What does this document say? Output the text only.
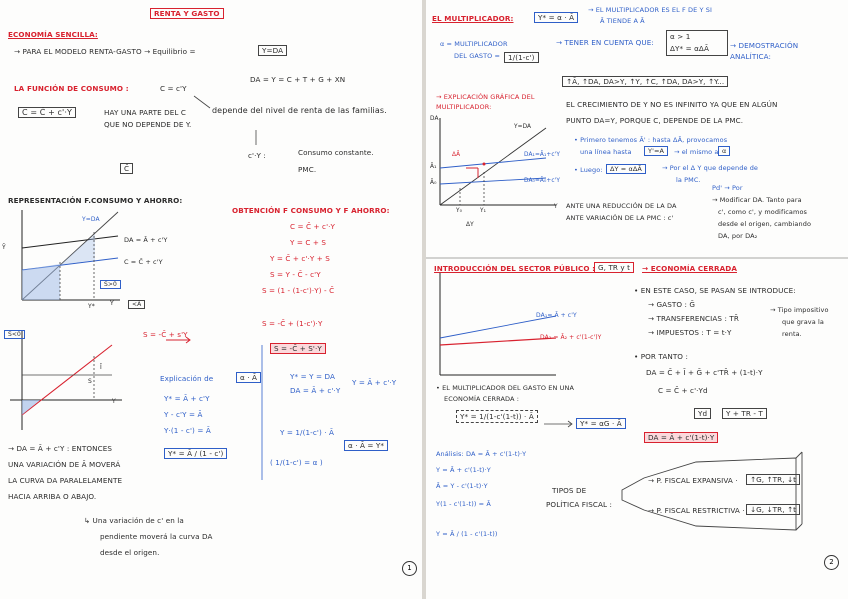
RENTA Y GASTO
ECONOMÍA SENCILLA:
→ PARA EL MODELO RENTA-GASTO → Equilibrio =	Y=DA
DA = Y = C + T + G + XN
LA FUNCIÓN DE CONSUMO :	C = c'Y
C = C̄ + c'·Y	HAY UNA PARTE DEL C QUE NO DEPENDE DE Y.
C̄
depende del nivel de renta de las familias.
c'·Y :	Consumo constante.
PMC.
REPRESENTACIÓN F.CONSUMO Y AHORRO:
OBTENCIÓN F CONSUMO Y F AHORRO:
C = C̄ + c'·Y
Y = C + S
Y = C̄ + c'·Y + S
S = Y - C̄ - c'Y
S = (1 - (1-c')·Y) - C̄
S = -C̄ + (1-c')·Y
S = -C̄ + S'·Y
S = -C̄ + s'Y
Y=DA
DA = Ā + c'Y
C = C̄ + c'Y
Ȳ
Y
Y*
S>0
<Ā
S<0
Y
Ī
S	Explicación de	α · Ā
Y* = Ā + c'Y
Y - c'Y = Ā
Y·(1 - c') = Ā
Y* = Y = DA
DA = Ā + c'·Y
Y = Ā + c'·Y
Y* = Ā / (1 - c')
Y = 1/(1-c') · Ā
( 1/(1-c') = α )
α · Ā = Y*
→ DA = Ā + c'Y : ENTONCES
UNA VARIACIÓN DE Ā MOVERÁ
LA CURVA DA PARALELAMENTE
HACIA ARRIBA O ABAJO.
↳ Una variación de c' en la
pendiente moverá la curva DA
desde el origen.
1
EL MULTIPLICADOR:	Y* = α · Ā
→ EL MULTIPLICADOR ES EL F DE Y SI
Ā TIENDE A Ā
α = MULTIPLICADOR
DEL GASTO =	1/(1-c')
→ TENER EN CUENTA QUE:
α > 1
ΔY* = αΔĀ	→ DEMOSTRACIÓN ANALÍTICA:
↑Ā, ↑DA, DA>Y, ↑Y, ↑C, ↑DA, DA>Y, ↑Y...
→ EXPLICACIÓN GRÁFICA DEL MULTIPLICADOR:	EL CRECIMIENTO DE Y NO ES INFINITO YA QUE EN ALGÚN
PUNTO DA=Y, PORQUE C, DEPENDE DE LA PMC.
• Primero tenemos Ā' : hasta ΔĀ, provocamos
una línea hasta	Y'=A	→ el mismo a α
• Luego:	ΔY = αΔĀ	→ Por el Δ Y que depende de
la PMC.
Pd' → Por
ANTE UNA REDUCCIÓN DE LA DA
ANTE VARIACIÓN DE LA PMC : c'
→ Modificar DA. Tanto para
c', como c', y modificamos
desde el origen, cambiando
DA, por DA₂
Y=DA
DA₁=Ā₁+c'Y
DA₀=Ā₀+c'Y
DA
ΔĀ
Ā₁
Ā₀
Y₀	Y₁
ΔY
Y
INTRODUCCIÓN DEL SECTOR PÚBLICO : G, TR y t	→ ECONOMÍA CERRADA
• EN ESTE CASO, SE PASAN SE INTRODUCE:
→ GASTO : Ḡ
→ TRANSFERENCIAS : TR̄
→ IMPUESTOS : T = t·Y
→ Tipo impositivo
que grava la
renta.
• POR TANTO :
DA = C̄ + Ī + Ḡ + c'TR̄ + (1-t)·Y
C = C̄ + c'·Yd
Yd	Y + TR - T
DA = Ā + c'(1-t)·Y
DA₁= Ā + c'Y
DA₂ = Ā₂ + c'(1-c')Y
• EL MULTIPLICADOR DEL GASTO EN UNA
ECONOMÍA CERRADA :
Y* = 1/(1-c'(1-t)) · Ā
Y* = αG · Ā
Análisis: DA = Ā + c'(1-t)·Y
Y = Ā + c'(1-t)·Y
Ā = Y - c'(1-t)·Y
Y(1 - c'(1-t)) = Ā
Y = Ā / (1 - c'(1-t))
TIPOS DE
POLÍTICA FISCAL :
→ P. FISCAL EXPANSIVA ·	↑G, ↑TR, ↓t
→ P. FISCAL RESTRICTIVA · ↓G, ↓TR, ↑t
2
